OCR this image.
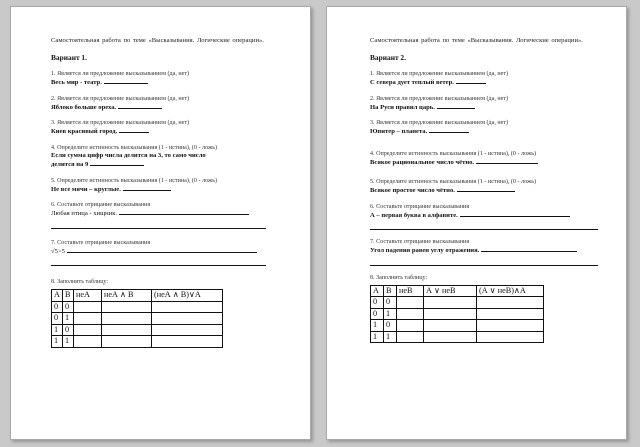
Самостоятельная работа по теме «Высказывания. Логические операции».
Вариант 1.
1. Является ли предложение высказыванием (да, нет)
Весь мир - театр.
2. Является ли предложение высказыванием (да, нет)
Яблоко больше ореха.
3. Является ли предложение высказыванием (да, нет)
Киев красивый город.
4. Определите истинность высказывания (1 - истина), (0 - ложь)
Если сумма цифр числа делится на 3, то само число
делится на 9
5. Определите истинность высказывания (1 - истина), (0 - ложь)
Не все мячи – круглые.
6. Составьте отрицание высказывания
Любая птица - хищник.
7. Составьте отрицание высказывания
√5>5
8. Заполнить таблицу:
А	В	неА	неА ∧ В	(неА ∧ В)∨А
0	0			
0	1			
1	0			
1	1			
Самостоятельная работа по теме «Высказывания. Логические операции».
Вариант 2.
1. Является ли предложение высказыванием (да, нет)
С севера дует теплый ветер.
2. Является ли предложение высказыванием (да, нет)
На Руси правил царь.
3. Является ли предложение высказыванием (да, нет)
Юпитер – планета.
4. Определите истинность высказывания (1 - истина), (0 - ложь)
Всякое рациональное число чётно.
5. Определите истинность высказывания (1 - истина), (0 - ложь)
Всякое простое число чётно.
6. Составьте отрицание высказывания
А – первая буква в алфавите.
7. Составьте отрицание высказывания
Угол падения равен углу отражения.
8. Заполнить таблицу:
А	В	неВ	А ∨ неВ	(А ∨ неВ)∧А
0	0			
0	1			
1	0			
1	1			
